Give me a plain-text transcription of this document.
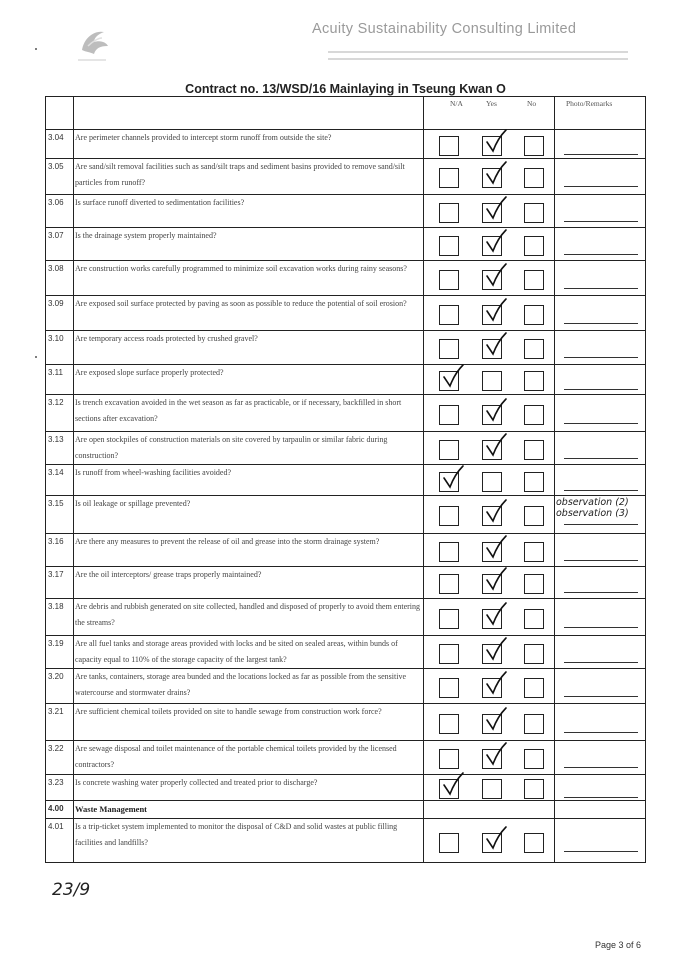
Acuity Sustainability Consulting Limited
Contract no. 13/WSD/16 Mainlaying in Tseung Kwan O
N/A	Yes	No	Photo/Remarks
3.04	Are perimeter channels provided to intercept storm runoff from outside the site?
3.05	Are sand/silt removal facilities such as sand/silt traps and sediment basins provided to remove sand/silt particles from runoff?
3.06	Is surface runoff diverted to sedimentation facilities?
3.07	Is the drainage system properly maintained?
3.08	Are construction works carefully programmed to minimize soil excavation works during rainy seasons?
3.09	Are exposed soil surface protected by paving as soon as possible to reduce the potential of soil erosion?
3.10	Are temporary access roads protected by crushed gravel?
3.11	Are exposed slope surface properly protected?
3.12	Is trench excavation avoided in the wet season as far as practicable, or if necessary, backfilled in short sections after excavation?
3.13	Are open stockpiles of construction materials on site covered by tarpaulin or similar fabric during construction?
3.14	Is runoff from wheel-washing facilities avoided?
3.15	Is oil leakage or spillage prevented?	observation (2)
observation (3)
3.16	Are there any measures to prevent the release of oil and grease into the storm drainage system?
3.17	Are the oil interceptors/ grease traps properly maintained?
3.18	Are debris and rubbish generated on site collected, handled and disposed of properly to avoid them entering the streams?
3.19	Are all fuel tanks and storage areas provided with locks and be sited on sealed areas, within bunds of capacity equal to 110% of the storage capacity of the largest tank?
3.20	Are tanks, containers, storage area bunded and the locations locked as far as possible from the sensitive watercourse and stormwater drains?
3.21	Are sufficient chemical toilets provided on site to handle sewage from construction work force?
3.22	Are sewage disposal and toilet maintenance of the portable chemical toilets provided by the licensed contractors?
3.23	Is concrete washing water properly collected and treated prior to discharge?
4.00	Waste Management
4.01	Is a trip-ticket system implemented to monitor the disposal of C&D and solid wastes at public filling facilities and landfills?
23/9
Page 3 of 6
